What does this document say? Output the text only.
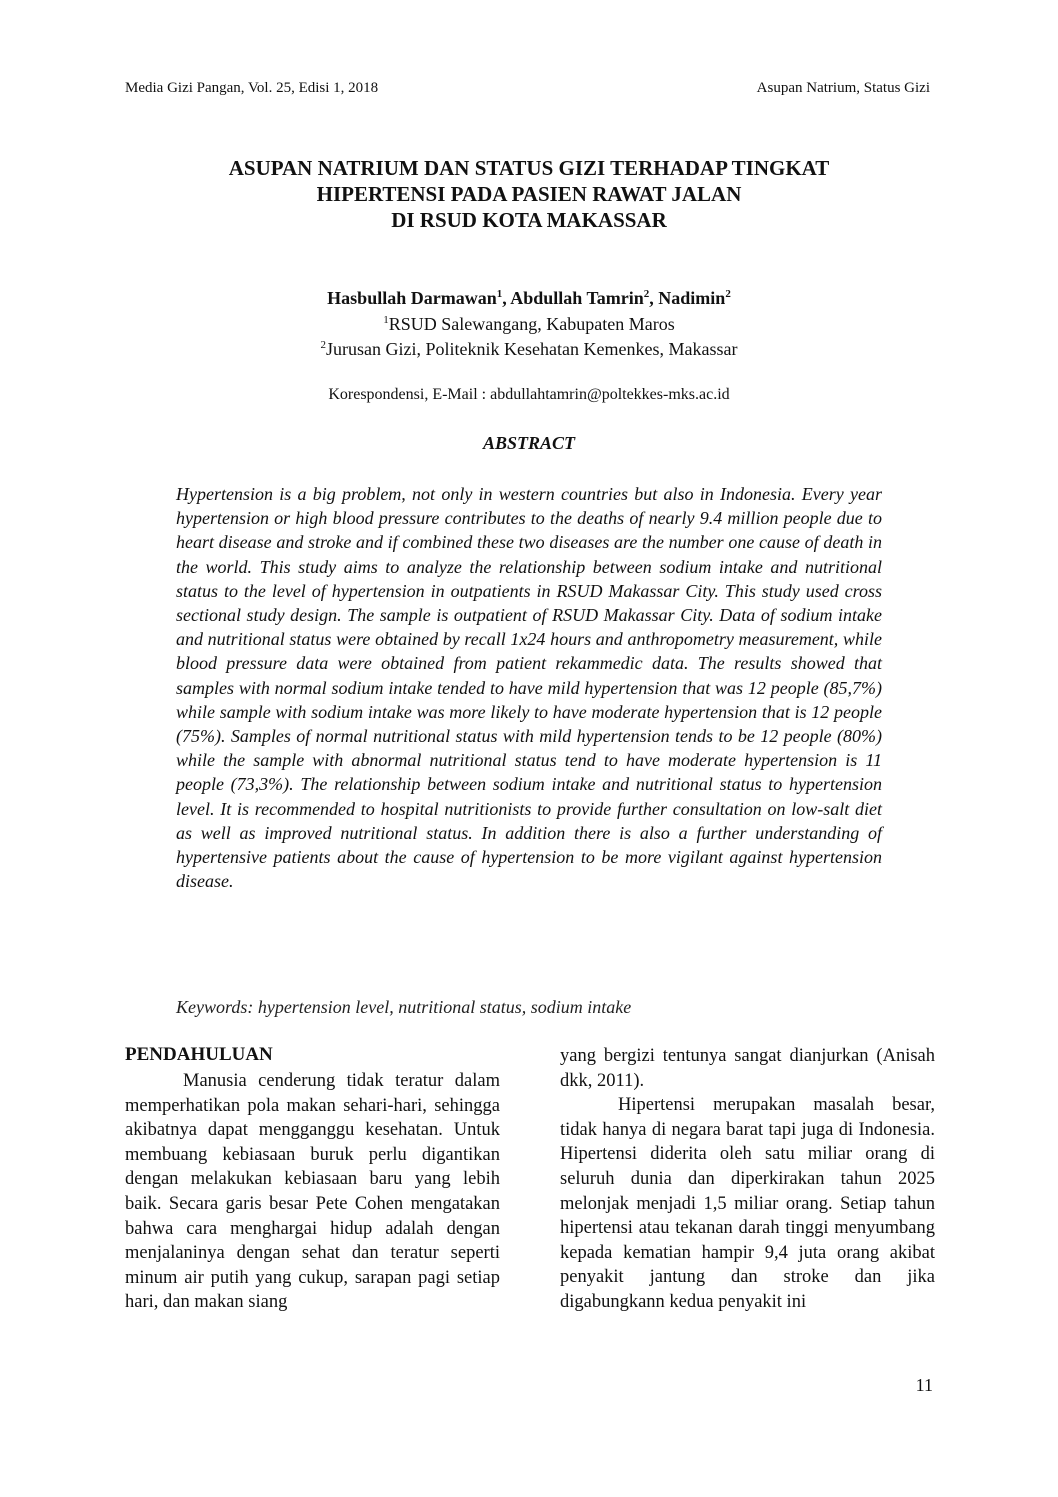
Media Gizi Pangan, Vol. 25, Edisi 1, 2018	Asupan Natrium, Status Gizi
ASUPAN NATRIUM DAN STATUS GIZI TERHADAP TINGKAT
HIPERTENSI PADA PASIEN RAWAT JALAN
DI RSUD KOTA MAKASSAR
Hasbullah Darmawan$^1$, Abdullah Tamrin$^2$, Nadimin$^2$
$^1$RSUD Salewangang, Kabupaten Maros
$^2$Jurusan Gizi, Politeknik Kesehatan Kemenkes, Makassar
Korespondensi, E-Mail : abdullahtamrin@poltekkes-mks.ac.id
ABSTRACT
Hypertension is a big problem, not only in western countries but also in Indonesia. Every year hypertension or high blood pressure contributes to the deaths of nearly 9.4 million people due to heart disease and stroke and if combined these two diseases are the number one cause of death in the world. This study aims to analyze the relationship between sodium intake and nutritional status to the level of hypertension in outpatients in RSUD Makassar City. This study used cross sectional study design. The sample is outpatient of RSUD Makassar City. Data of sodium intake and nutritional status were obtained by recall 1x24 hours and anthropometry measurement, while blood pressure data were obtained from patient rekammedic data. The results showed that samples with normal sodium intake tended to have mild hypertension that was 12 people (85,7%) while sample with sodium intake was more likely to have moderate hypertension that is 12 people (75%). Samples of normal nutritional status with mild hypertension tends to be 12 people (80%) while the sample with abnormal nutritional status tend to have moderate hypertension is 11 people (73,3%). The relationship between sodium intake and nutritional status to hypertension level. It is recommended to hospital nutritionists to provide further consultation on low-salt diet as well as improved nutritional status. In addition there is also a further understanding of hypertensive patients about the cause of hypertension to be more vigilant against hypertension disease.
Keywords: hypertension level, nutritional status, sodium intake
PENDAHULUAN

Manusia cenderung tidak teratur dalam memperhatikan pola makan sehari-hari, sehingga akibatnya dapat mengganggu kesehatan. Untuk membuang kebiasaan buruk perlu digantikan dengan melakukan kebiasaan baru yang lebih baik. Secara garis besar Pete Cohen mengatakan bahwa cara menghargai hidup adalah dengan menjalaninya dengan sehat dan teratur seperti minum air putih yang cukup, sarapan pagi setiap hari, dan makan siang

yang bergizi tentunya sangat dianjurkan (Anisah dkk, 2011).

Hipertensi merupakan masalah besar, tidak hanya di negara barat tapi juga di Indonesia. Hipertensi diderita oleh satu miliar orang di seluruh dunia dan diperkirakan tahun 2025 melonjak menjadi 1,5 miliar orang. Setiap tahun hipertensi atau tekanan darah tinggi menyumbang kepada kematian hampir 9,4 juta orang akibat penyakit jantung dan stroke dan jika digabungkann kedua penyakit ini

11
